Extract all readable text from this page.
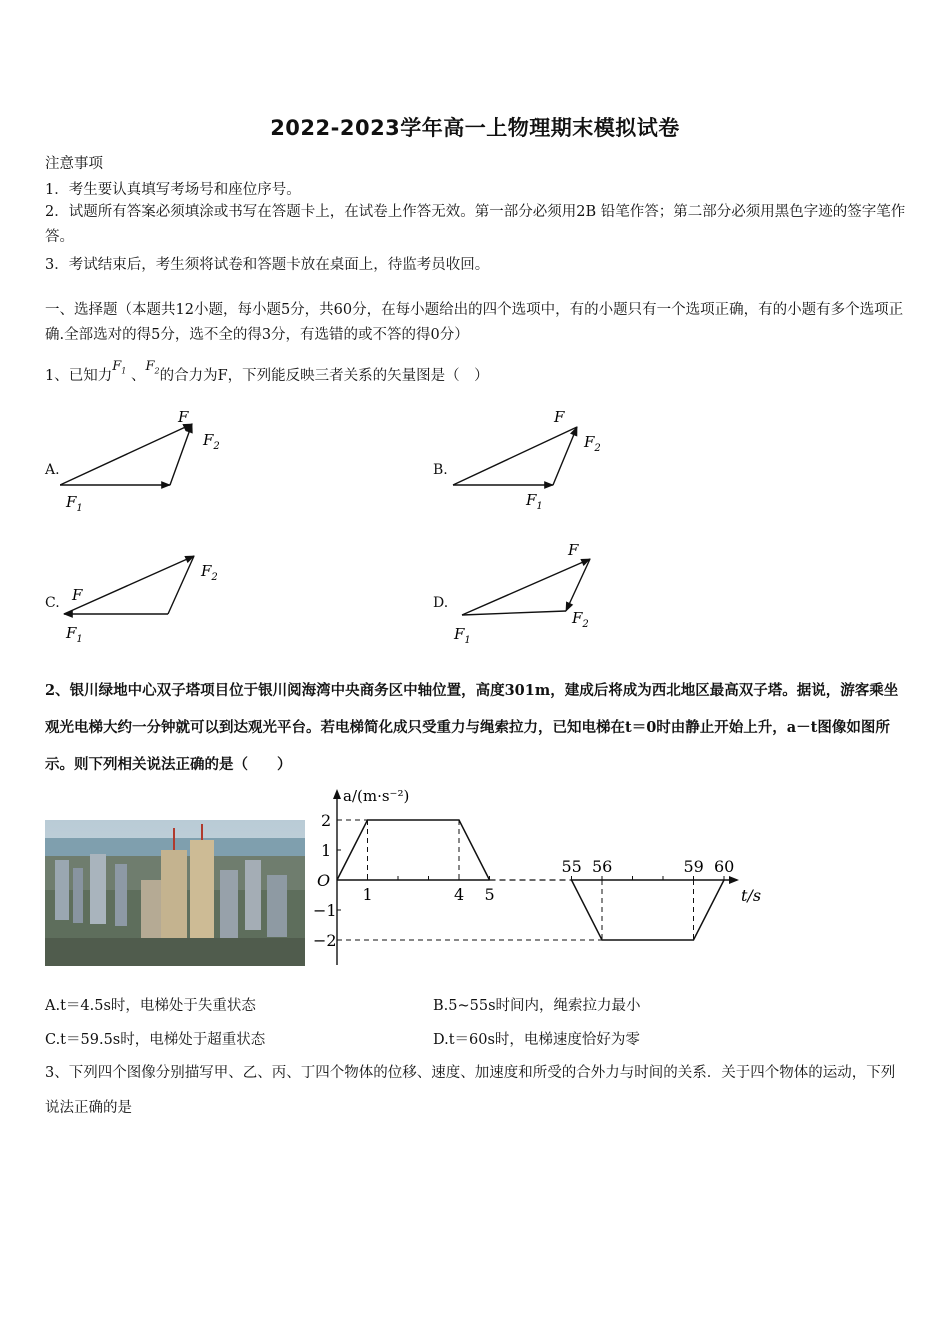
2022-2023学年高一上物理期末模拟试卷
注意事项
1．考生要认真填写考场号和座位序号。
2．试题所有答案必须填涂或书写在答题卡上，在试卷上作答无效。第一部分必须用2B 铅笔作答；第二部分必须用黑色字迹的签字笔作答。
3．考试结束后，考生须将试卷和答题卡放在桌面上，待监考员收回。
一、选择题（本题共12小题，每小题5分，共60分，在每小题给出的四个选项中，有的小题只有一个选项正确，有的小题有多个选项正确.全部选对的得5分，选不全的得3分，有选错的或不答的得0分）
1、已知力$F_1$ 、$F_2$的合力为F，下列能反映三者关系的矢量图是（　）
A.
F
$F_2$
$F_1$
B.
F
$F_2$
$F_1$
C. F
$F_2$
$F_1$
D.
F
$F_2$
$F_1$
2、银川绿地中心双子塔项目位于银川阅海湾中央商务区中轴位置，高度301m，建成后将成为西北地区最高双子塔。据说，游客乘坐观光电梯大约一分钟就可以到达观光平台。若电梯简化成只受重力与绳索拉力，已知电梯在t＝0时由静止开始上升，a－t图像如图所示。则下列相关说法正确的是（　　）
a/(m·s⁻²)
t/s
O
2
1
−1
−2
1	4 5
55 56	59 60
A.t＝4.5s时，电梯处于失重状态	B.5~55s时间内，绳索拉力最小
C.t＝59.5s时，电梯处于超重状态	D.t＝60s时，电梯速度恰好为零
3、下列四个图像分别描写甲、乙、丙、丁四个物体的位移、速度、加速度和所受的合外力与时间的关系．关于四个物体的运动，下列说法正确的是
